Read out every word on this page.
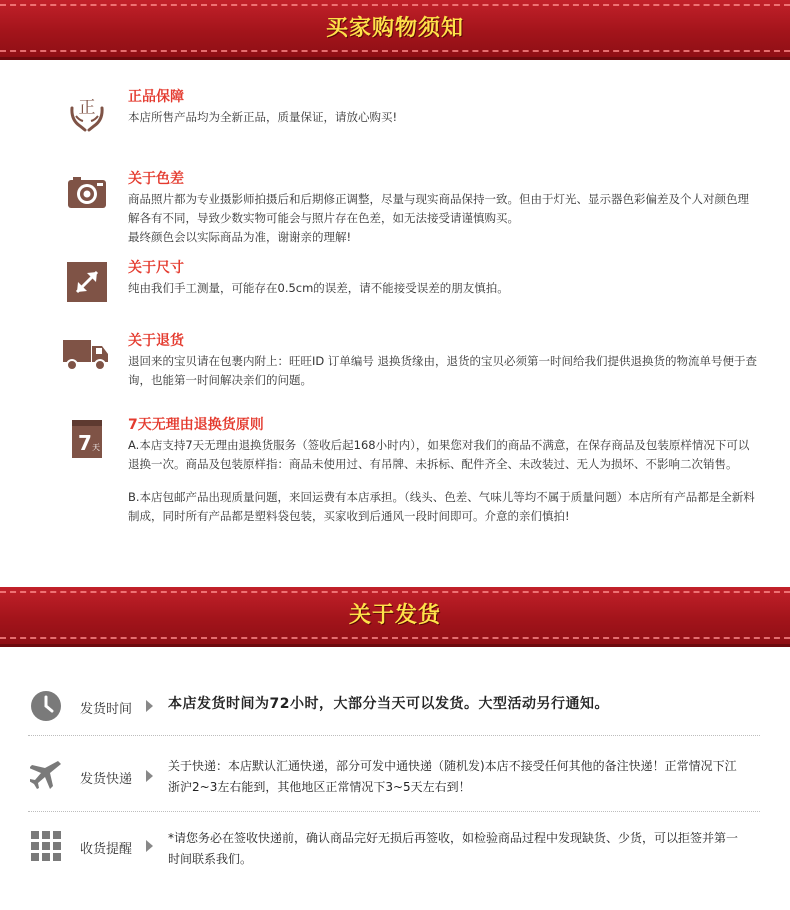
买家购物须知
正
正品保障

本店所售产品均为全新正品，质量保证，请放心购买!

关于色差

商品照片都为专业摄影师拍摄后和后期修正调整，尽量与现实商品保持一致。但由于灯光、显示器色彩偏差及个人对颜色理解各有不同，导致少数实物可能会与照片存在色差，如无法接受请谨慎购买。

最终颜色会以实际商品为准，谢谢亲的理解!

关于尺寸

纯由我们手工测量，可能存在0.5cm的误差，请不能接受误差的朋友慎拍。

关于退货

退回来的宝贝请在包裹内附上：旺旺ID 订单编号 退换货缘由，退货的宝贝必须第一时间给我们提供退换货的物流单号便于查询，也能第一时间解决亲们的问题。

7 天
7天无理由退换货原则

A.本店支持7天无理由退换货服务（签收后起168小时内），如果您对我们的商品不满意，在保存商品及包装原样情况下可以退换一次。商品及包装原样指：商品未使用过、有吊牌、未拆标、配件齐全、未改装过、无人为损坏、不影响二次销售。

B.本店包邮产品出现质量问题，来回运费有本店承担。（线头、色差、气味儿等均不属于质量问题）本店所有产品都是全新料制成，同时所有产品都是塑料袋包装，买家收到后通风一段时间即可。介意的亲们慎拍!

关于发货
发货时间	本店发货时间为72小时，大部分当天可以发货。大型活动另行通知。
发货快递
关于快递：本店默认汇通快递，部分可发中通快递（随机发)本店不接受任何其他的备注快递！正常情况下江浙沪2~3左右能到，其他地区正常情况下3~5天左右到！
收货提醒
*请您务必在签收快递前，确认商品完好无损后再签收，如检验商品过程中发现缺货、少货，可以拒签并第一时间联系我们。
